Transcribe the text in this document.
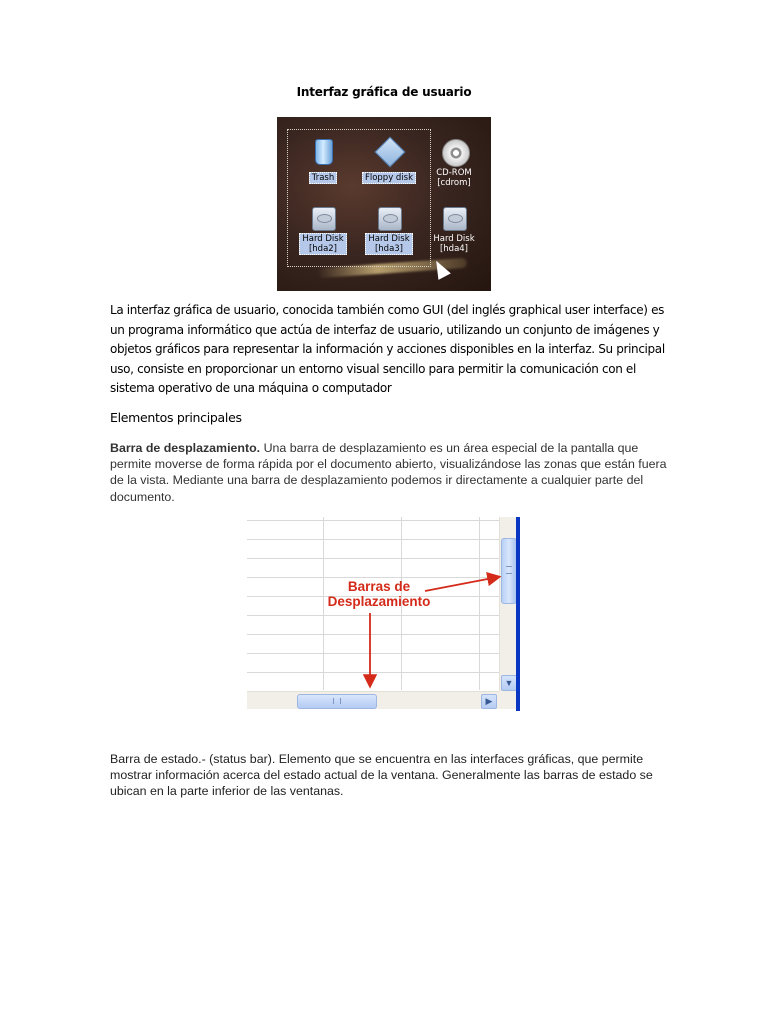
Interfaz gráfica de usuario
Trash	Floppy disk	CD-ROM
[cdrom]
Hard Disk
[hda2]
Hard Disk
[hda3]
Hard Disk
[hda4]
La interfaz gráfica de usuario, conocida también como GUI (del inglés graphical user interface) es un programa informático que actúa de interfaz de usuario, utilizando un conjunto de imágenes y objetos gráficos para representar la información y acciones disponibles en la interfaz. Su principal uso, consiste en proporcionar un entorno visual sencillo para permitir la comunicación con el sistema operativo de una máquina o computador
Elementos principales
Barra de desplazamiento. Una barra de desplazamiento es un área especial de la pantalla que permite moverse de forma rápida por el documento abierto, visualizándose las zonas que están fuera de la vista. Mediante una barra de desplazamiento podemos ir directamente a cualquier parte del documento.
▼
▶
Barras de
Desplazamiento
Barra de estado.- (status bar). Elemento que se encuentra en las interfaces gráficas, que permite mostrar información acerca del estado actual de la ventana. Generalmente las barras de estado se ubican en la parte inferior de las ventanas.
